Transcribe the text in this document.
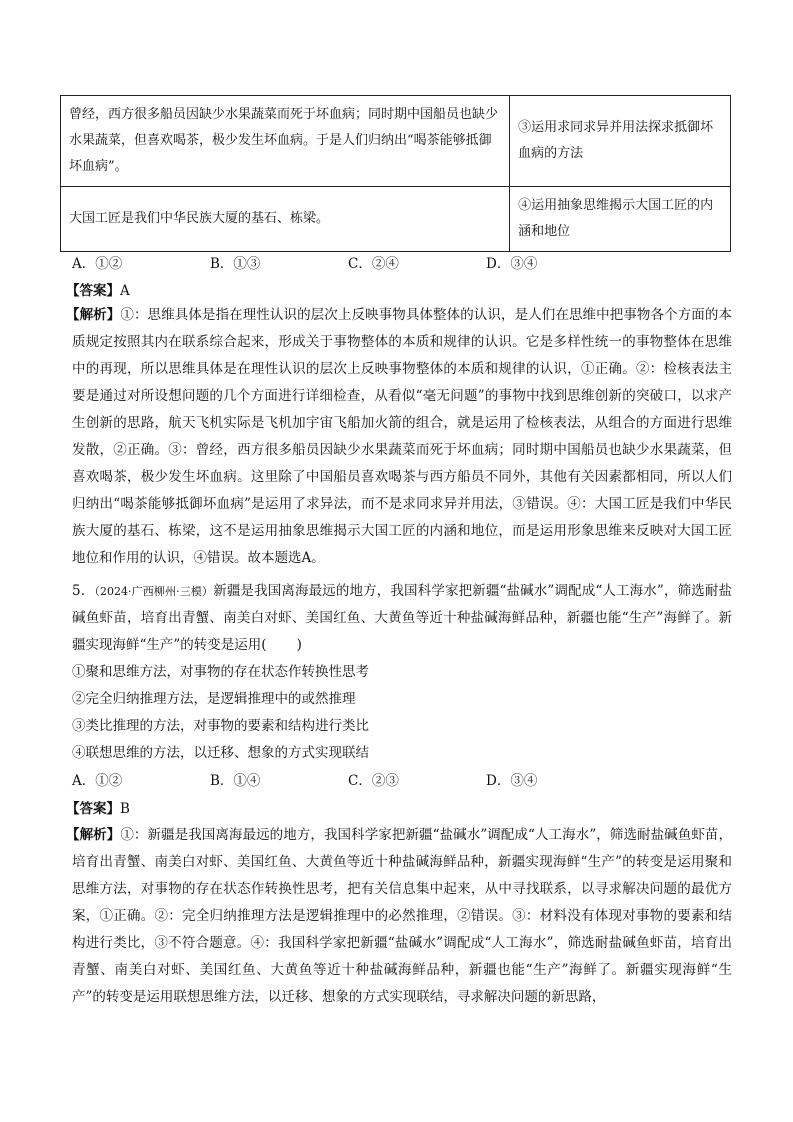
曾经，西方很多船员因缺少水果蔬菜而死于坏血病；同时期中国船员也缺少水果蔬菜，但喜欢喝茶，极少发生坏血病。于是人们归纳出“喝茶能够抵御坏血病”。	③运用求同求异并用法探求抵御坏血病的方法
大国工匠是我们中华民族大厦的基石、栋梁。	④运用抽象思维揭示大国工匠的内涵和地位
A．①②	B．①③	C．②④	D．③④
【答案】A
【解析】①：思维具体是指在理性认识的层次上反映事物具体整体的认识，是人们在思维中把事物各个方面的本质规定按照其内在联系综合起来，形成关于事物整体的本质和规律的认识。它是多样性统一的事物整体在思维中的再现，所以思维具体是在理性认识的层次上反映事物整体的本质和规律的认识，①正确。②：检核表法主要是通过对所设想问题的几个方面进行详细检查，从看似“毫无问题”的事物中找到思维创新的突破口，以求产生创新的思路，航天飞机实际是飞机加宇宙飞船加火箭的组合，就是运用了检核表法，从组合的方面进行思维发散，②正确。③：曾经，西方很多船员因缺少水果蔬菜而死于坏血病；同时期中国船员也缺少水果蔬菜，但喜欢喝茶，极少发生坏血病。这里除了中国船员喜欢喝茶与西方船员不同外，其他有关因素都相同，所以人们归纳出“喝茶能够抵御坏血病”是运用了求异法，而不是求同求异并用法，③错误。④：大国工匠是我们中华民族大厦的基石、栋梁，这不是运用抽象思维揭示大国工匠的内涵和地位，而是运用形象思维来反映对大国工匠地位和作用的认识，④错误。故本题选A。
5．（2024·广西柳州·三模）新疆是我国离海最远的地方，我国科学家把新疆“盐碱水”调配成“人工海水”，筛选耐盐碱鱼虾苗，培育出青蟹、南美白对虾、美国红鱼、大黄鱼等近十种盐碱海鲜品种，新疆也能“生产”海鲜了。新疆实现海鲜“生产”的转变是运用( )
①聚和思维方法，对事物的存在状态作转换性思考
②完全归纳推理方法，是逻辑推理中的或然推理
③类比推理的方法，对事物的要素和结构进行类比
④联想思维的方法，以迁移、想象的方式实现联结
A．①②	B．①④	C．②③	D．③④
【答案】B
【解析】①：新疆是我国离海最远的地方，我国科学家把新疆“盐碱水”调配成“人工海水”，筛选耐盐碱鱼虾苗，培育出青蟹、南美白对虾、美国红鱼、大黄鱼等近十种盐碱海鲜品种，新疆实现海鲜“生产”的转变是运用聚和思维方法，对事物的存在状态作转换性思考，把有关信息集中起来，从中寻找联系，以寻求解决问题的最优方案，①正确。②：完全归纳推理方法是逻辑推理中的必然推理，②错误。③：材料没有体现对事物的要素和结构进行类比，③不符合题意。④：我国科学家把新疆“盐碱水”调配成“人工海水”，筛选耐盐碱鱼虾苗，培育出青蟹、南美白对虾、美国红鱼、大黄鱼等近十种盐碱海鲜品种，新疆也能“生产”海鲜了。新疆实现海鲜“生产”的转变是运用联想思维方法，以迁移、想象的方式实现联结，寻求解决问题的新思路，
